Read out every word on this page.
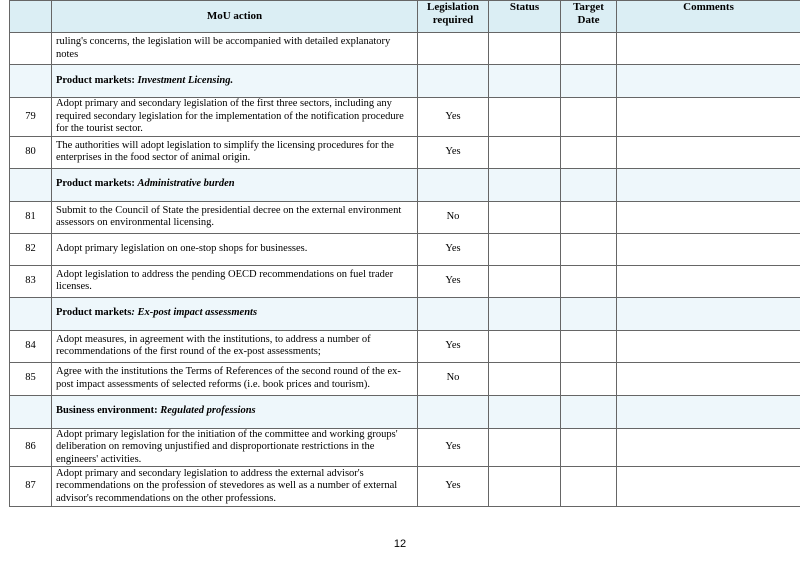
	MoU action	Legislation required	Status	Target Date	Comments
	ruling's concerns, the legislation will be accompanied with detailed explanatory notes				
	Product markets: Investment Licensing.				
79	Adopt primary and secondary legislation of the first three sectors, including any required secondary legislation for the implementation of the notification procedure for the tourist sector.	Yes			
80	The authorities will adopt legislation to simplify the licensing procedures for the enterprises in the food sector of animal origin.	Yes			
	Product markets: Administrative burden				
81	Submit to the Council of State the presidential decree on the external environment assessors on environmental licensing.	No			
82	Adopt primary legislation on one-stop shops for businesses.	Yes			
83	Adopt legislation to address the pending OECD recommendations on fuel trader licenses.	Yes			
	Product markets: Ex-post impact assessments				
84	Adopt measures, in agreement with the institutions, to address a number of recommendations of the first round of the ex-post assessments;	Yes			
85	Agree with the institutions the Terms of References of the second round of the ex-post impact assessments of selected reforms (i.e. book prices and tourism).	No			
	Business environment: Regulated professions				
86	Adopt primary legislation for the initiation of the committee and working groups' deliberation on removing unjustified and disproportionate restrictions in the engineers' activities.	Yes			
87	Adopt primary and secondary legislation to address the external advisor's recommendations on the profession of stevedores as well as a number of external advisor's recommendations on the other professions.	Yes			
12
